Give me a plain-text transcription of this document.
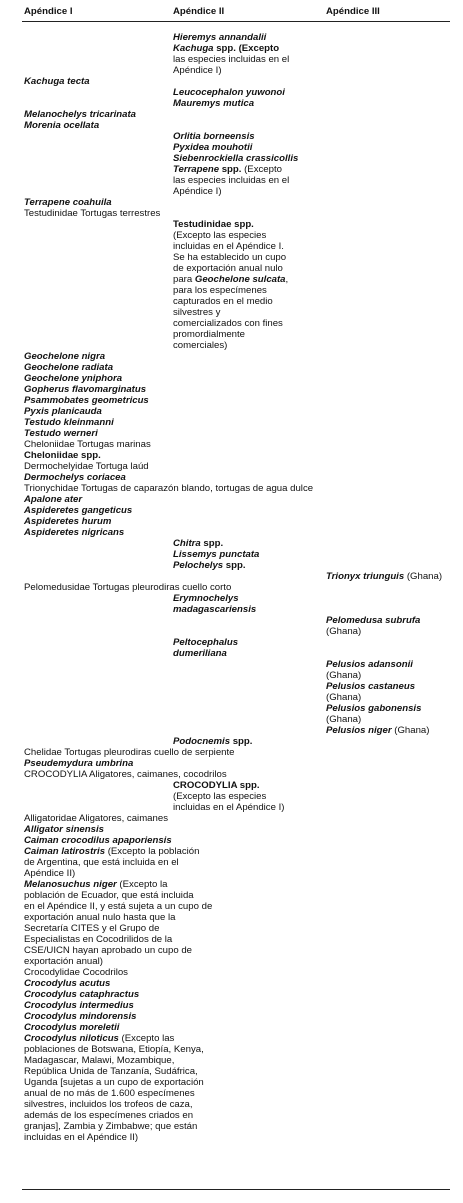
Apéndice I	Apéndice II	Apéndice III
Hieremys annandalii
Kachuga spp. (Excepto
las especies incluidas en el
Apéndice I)
Kachuga tecta
Leucocephalon yuwonoi
Mauremys mutica
Melanochelys tricarinata
Morenia ocellata
Orlitia borneensis
Pyxidea mouhotii
Siebenrockiella crassicollis
Terrapene spp. (Excepto
las especies incluidas en el
Apéndice I)
Terrapene coahuila
Testudinidae Tortugas terrestres
Testudinidae spp.
(Excepto las especies
incluidas en el Apéndice I.
Se ha establecido un cupo
de exportación anual nulo
para Geochelone sulcata,
para los especímenes
capturados en el medio
silvestres y
comercializados con fines
promordialmente
comerciales)
Geochelone nigra
Geochelone radiata
Geochelone yniphora
Gopherus flavomarginatus
Psammobates geometricus
Pyxis planicauda
Testudo kleinmanni
Testudo werneri
Cheloniidae Tortugas marinas
Cheloniidae spp.
Dermochelyidae Tortuga laúd
Dermochelys coriacea
Trionychidae Tortugas de caparazón blando, tortugas de agua dulce
Apalone ater
Aspideretes gangeticus
Aspideretes hurum
Aspideretes nigricans
Chitra spp.
Lissemys punctata
Pelochelys spp.
Trionyx triunguis (Ghana)
Pelomedusidae Tortugas pleurodiras cuello corto
Erymnochelys
madagascariensis
Pelomedusa subrufa
(Ghana)
Peltocephalus
dumeriliana
Pelusios adansonii
(Ghana)
Pelusios castaneus
(Ghana)
Pelusios gabonensis
(Ghana)
Pelusios niger (Ghana)
Podocnemis spp.
Chelidae Tortugas pleurodiras cuello de serpiente
Pseudemydura umbrina
CROCODYLIA Aligatores, caimanes, cocodrilos
CROCODYLIA spp.
(Excepto las especies
incluidas en el Apéndice I)
Alligatoridae Aligatores, caimanes
Alligator sinensis
Caiman crocodilus apaporiensis
Caiman latirostris (Excepto la población
de Argentina, que está incluida en el
Apéndice II)
Melanosuchus niger (Excepto la
población de Ecuador, que está incluida
en el Apéndice II, y está sujeta a un cupo de
exportación anual nulo hasta que la
Secretaría CITES y el Grupo de
Especialistas en Cocodrilidos de la
CSE/UICN hayan aprobado un cupo de
exportación anual)
Crocodylidae Cocodrilos
Crocodylus acutus
Crocodylus cataphractus
Crocodylus intermedius
Crocodylus mindorensis
Crocodylus moreletii
Crocodylus niloticus (Excepto las
poblaciones de Botswana, Etiopía, Kenya,
Madagascar, Malawi, Mozambique,
República Unida de Tanzanía, Sudáfrica,
Uganda [sujetas a un cupo de exportación
anual de no más de 1.600 especímenes
silvestres, incluidos los trofeos de caza,
además de los especímenes criados en
granjas], Zambia y Zimbabwe; que están
incluidas en el Apéndice II)
